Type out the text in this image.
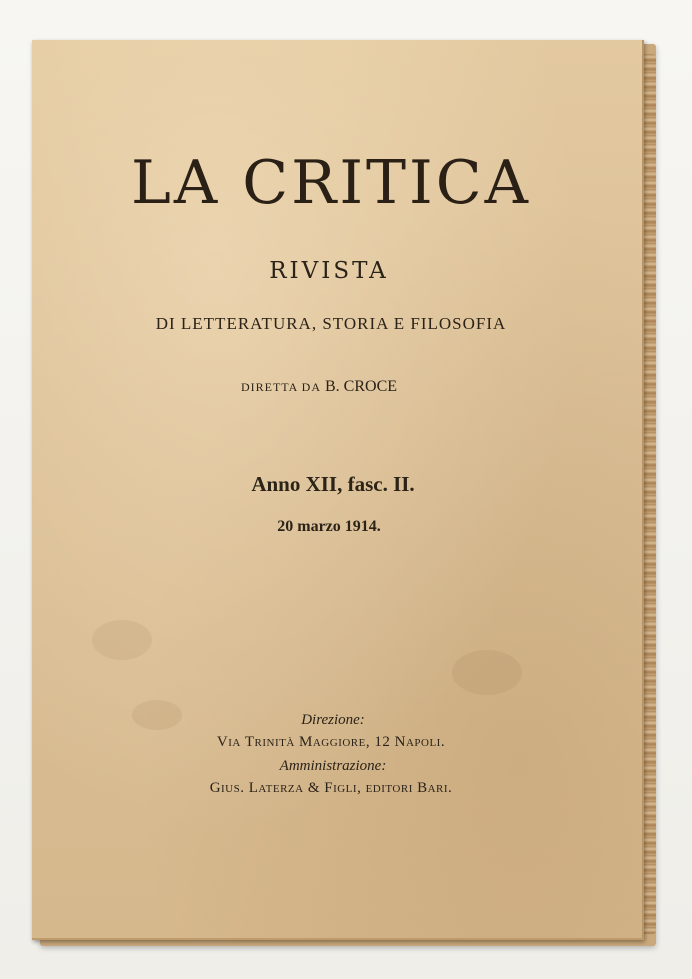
LA CRITICA
RIVISTA
DI LETTERATURA, STORIA E FILOSOFIA
DIRETTA DA B. CROCE
Anno XII, fasc. II.
20 marzo 1914.
Direzione:
Via Trinità Maggiore, 12 Napoli.
Amministrazione:
Gius. Laterza & Figli, editori Bari.
